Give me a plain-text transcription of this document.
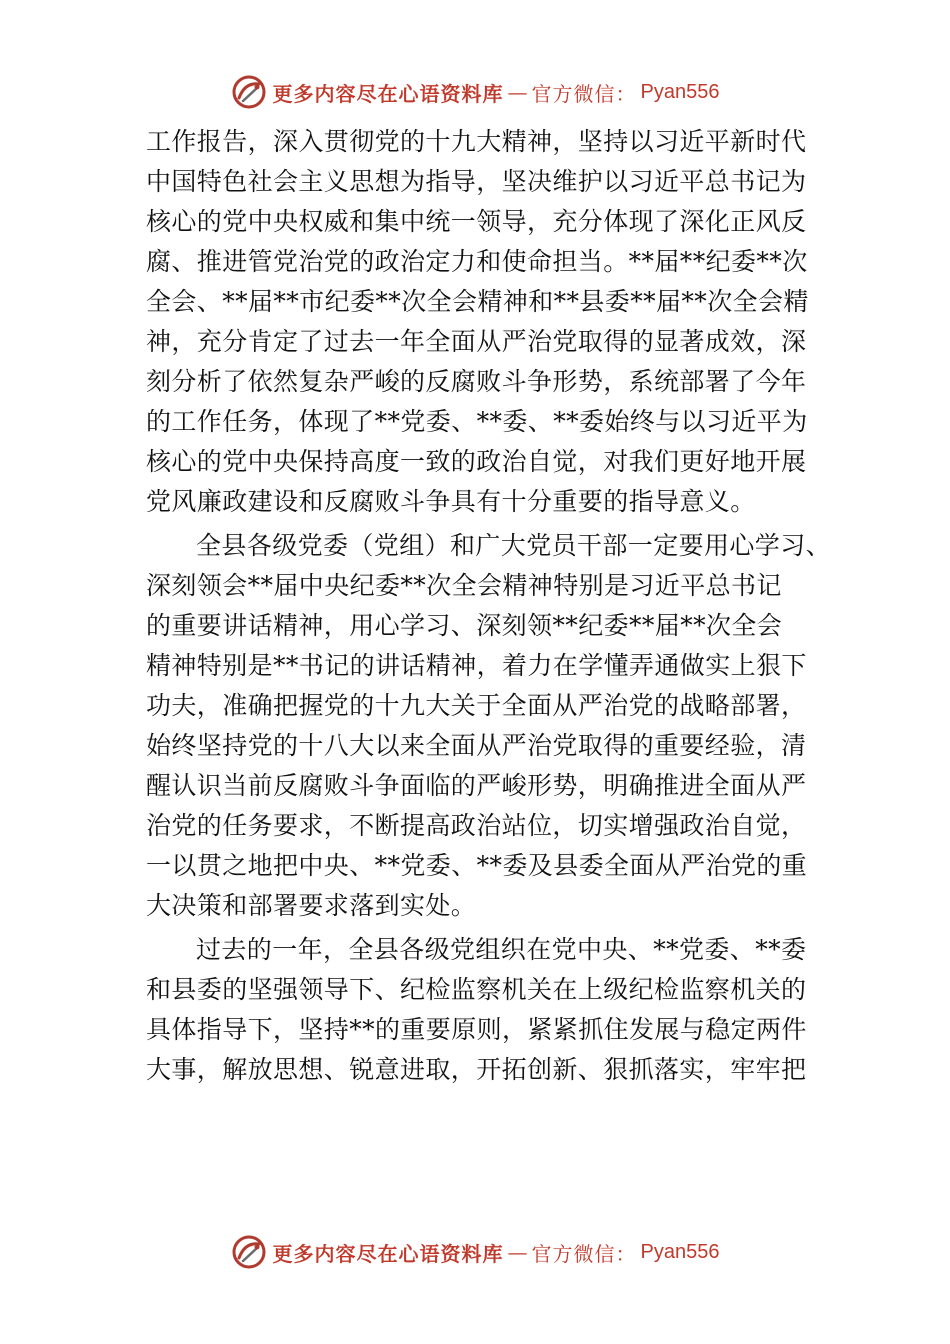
更多内容尽在心语资料库 — 官方微信： Pyan556
工作报告，深入贯彻党的十九大精神，坚持以习近平新时代
中国特色社会主义思想为指导，坚决维护以习近平总书记为
核心的党中央权威和集中统一领导，充分体现了深化正风反
腐、推进管党治党的政治定力和使命担当。**届**纪委**次
全会、**届**市纪委**次全会精神和**县委**届**次全会精
神，充分肯定了过去一年全面从严治党取得的显著成效，深
刻分析了依然复杂严峻的反腐败斗争形势，系统部署了今年
的工作任务，体现了**党委、**委、**委始终与以习近平为
核心的党中央保持高度一致的政治自觉，对我们更好地开展
党风廉政建设和反腐败斗争具有十分重要的指导意义。
全县各级党委（党组）和广大党员干部一定要用心学习、
深刻领会**届中央纪委**次全会精神特别是习近平总书记
的重要讲话精神，用心学习、深刻领**纪委**届**次全会
精神特别是**书记的讲话精神，着力在学懂弄通做实上狠下
功夫，准确把握党的十九大关于全面从严治党的战略部署，
始终坚持党的十八大以来全面从严治党取得的重要经验，清
醒认识当前反腐败斗争面临的严峻形势，明确推进全面从严
治党的任务要求，不断提高政治站位，切实增强政治自觉，
一以贯之地把中央、**党委、**委及县委全面从严治党的重
大决策和部署要求落到实处。
过去的一年，全县各级党组织在党中央、**党委、**委
和县委的坚强领导下、纪检监察机关在上级纪检监察机关的
具体指导下，坚持**的重要原则，紧紧抓住发展与稳定两件
大事，解放思想、锐意进取，开拓创新、狠抓落实，牢牢把
更多内容尽在心语资料库 — 官方微信： Pyan556
